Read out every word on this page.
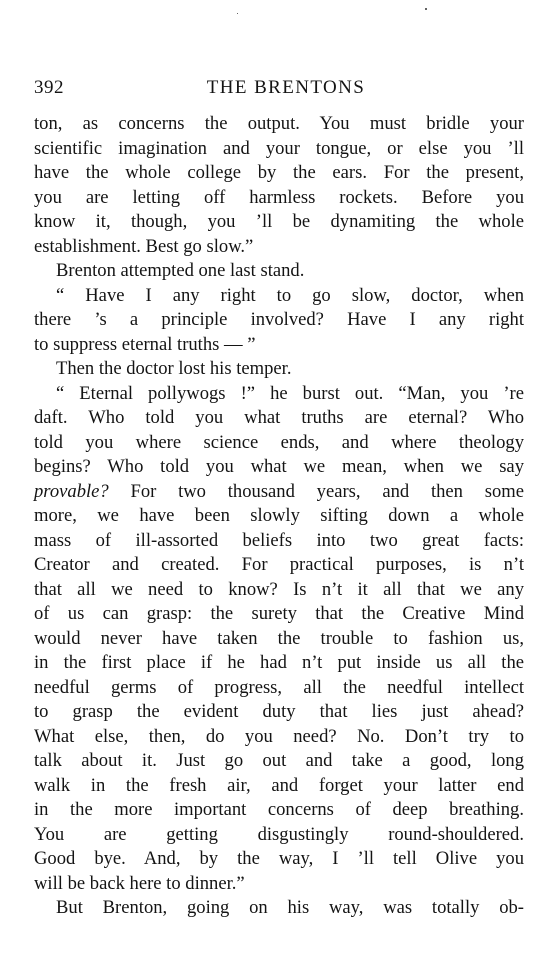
392	THE BRENTONS
ton, as concerns the output. You must bridle your
scientific imagination and your tongue, or else you ’ll
have the whole college by the ears. For the present,
you are letting off harmless rockets. Before you
know it, though, you ’ll be dynamiting the whole
establishment. Best go slow.”
Brenton attempted one last stand.
“ Have I any right to go slow, doctor, when
there ’s a principle involved? Have I any right
to suppress eternal truths — ”
Then the doctor lost his temper.
“ Eternal pollywogs !” he burst out. “Man, you ’re
daft. Who told you what truths are eternal? Who
told you where science ends, and where theology
begins? Who told you what we mean, when we say
provable? For two thousand years, and then some
more, we have been slowly sifting down a whole
mass of ill-assorted beliefs into two great facts:
Creator and created. For practical purposes, is n’t
that all we need to know? Is n’t it all that we any
of us can grasp: the surety that the Creative Mind
would never have taken the trouble to fashion us,
in the first place if he had n’t put inside us all the
needful germs of progress, all the needful intellect
to grasp the evident duty that lies just ahead?
What else, then, do you need? No. Don’t try to
talk about it. Just go out and take a good, long
walk in the fresh air, and forget your latter end
in the more important concerns of deep breathing.
You are getting disgustingly round-shouldered.
Good bye. And, by the way, I ’ll tell Olive you
will be back here to dinner.”
But Brenton, going on his way, was totally ob-
